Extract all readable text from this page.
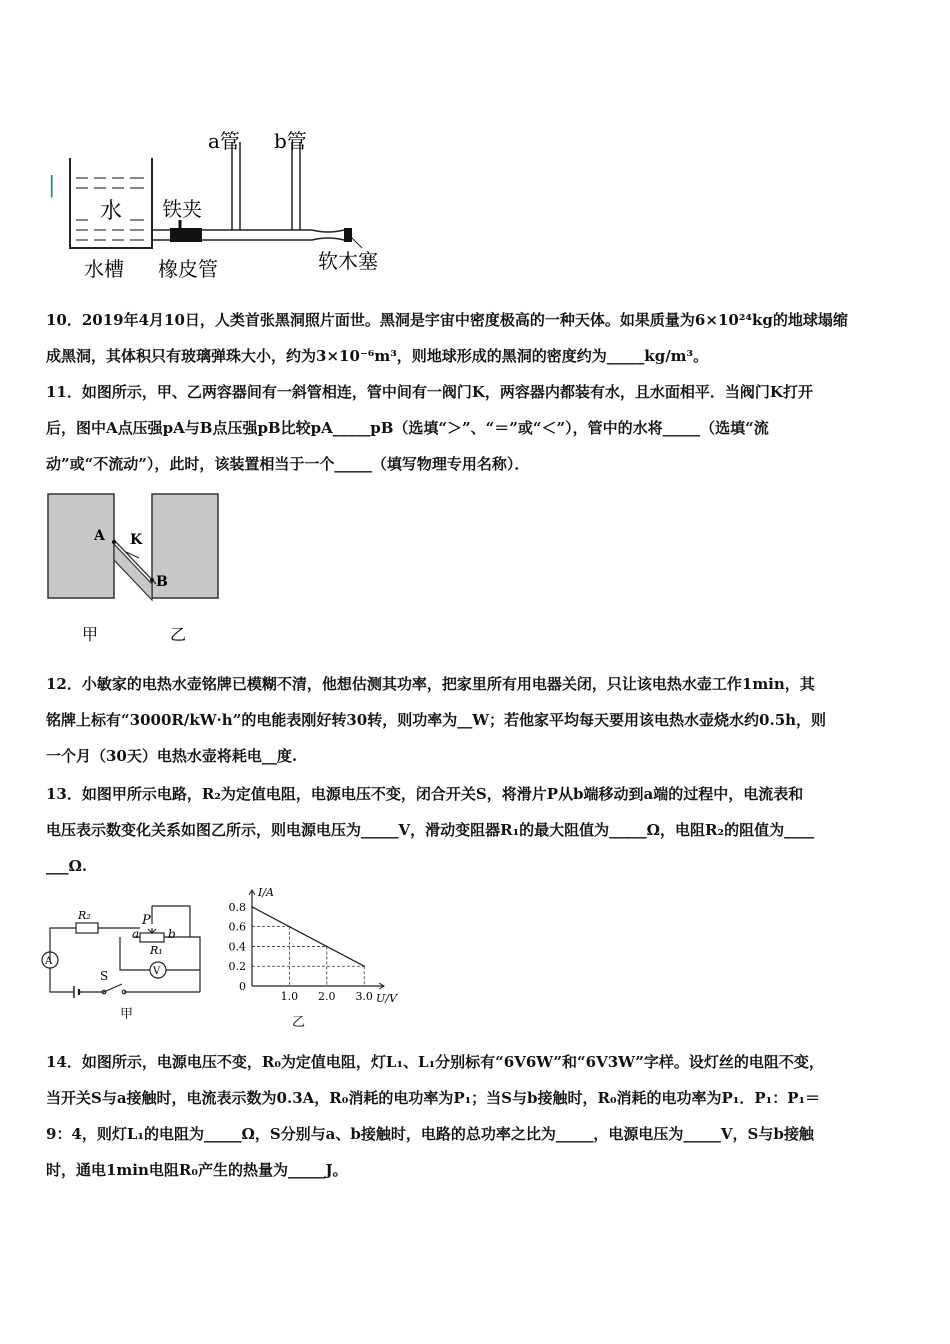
|
水 铁夹
a管 b管
水槽 橡皮管	软木塞

10．2019年4月10日，人类首张黑洞照片面世。黑洞是宇宙中密度极高的一种天体。如果质量为6×10²⁴kg的地球塌缩

成黑洞，其体积只有玻璃弹珠大小，约为3×10⁻⁶m³，则地球形成的黑洞的密度约为_____kg/m³。

11．如图所示，甲、乙两容器间有一斜管相连，管中间有一阀门K，两容器内都装有水，且水面相平．当阀门K打开

后，图中A点压强pA与B点压强pB比较pA_____pB（选填“＞”、“＝”或“＜”），管中的水将_____（选填“流

动”或“不流动”），此时，该装置相当于一个_____（填写物理专用名称）．

A K
B
甲	乙

12．小敏家的电热水壶铭牌已模糊不清，他想估测其功率，把家里所有用电器关闭，只让该电热水壶工作1min，其

铭牌上标有“3000R/kW·h”的电能表刚好转30转，则功率为__W；若他家平均每天要用该电热水壶烧水约0.5h，则

一个月（30天）电热水壶将耗电__度.

13．如图甲所示电路，R₂为定值电阻，电源电压不变，闭合开关S，将滑片P从b端移动到a端的过程中，电流表和

电压表示数变化关系如图乙所示，则电源电压为_____V，滑动变阻器R₁的最大阻值为_____Ω，电阻R₂的阻值为____

___Ω.

R₂	P
a b
R₁
A
V
S
甲
I/A
U/V
0.8
0.6
0.4
0.2
0
1.0 2.0 3.0
乙

14．如图所示，电源电压不变，R₀为定值电阻，灯L₁、L₁分别标有“6V6W”和“6V3W”字样。设灯丝的电阻不变，

当开关S与a接触时，电流表示数为0.3A，R₀消耗的电功率为P₁；当S与b接触时，R₀消耗的电功率为P₁．P₁：P₁＝

9：4，则灯L₁的电阻为_____Ω，S分别与a、b接触时，电路的总功率之比为_____，电源电压为_____V，S与b接触

时，通电1min电阻R₀产生的热量为_____J。
